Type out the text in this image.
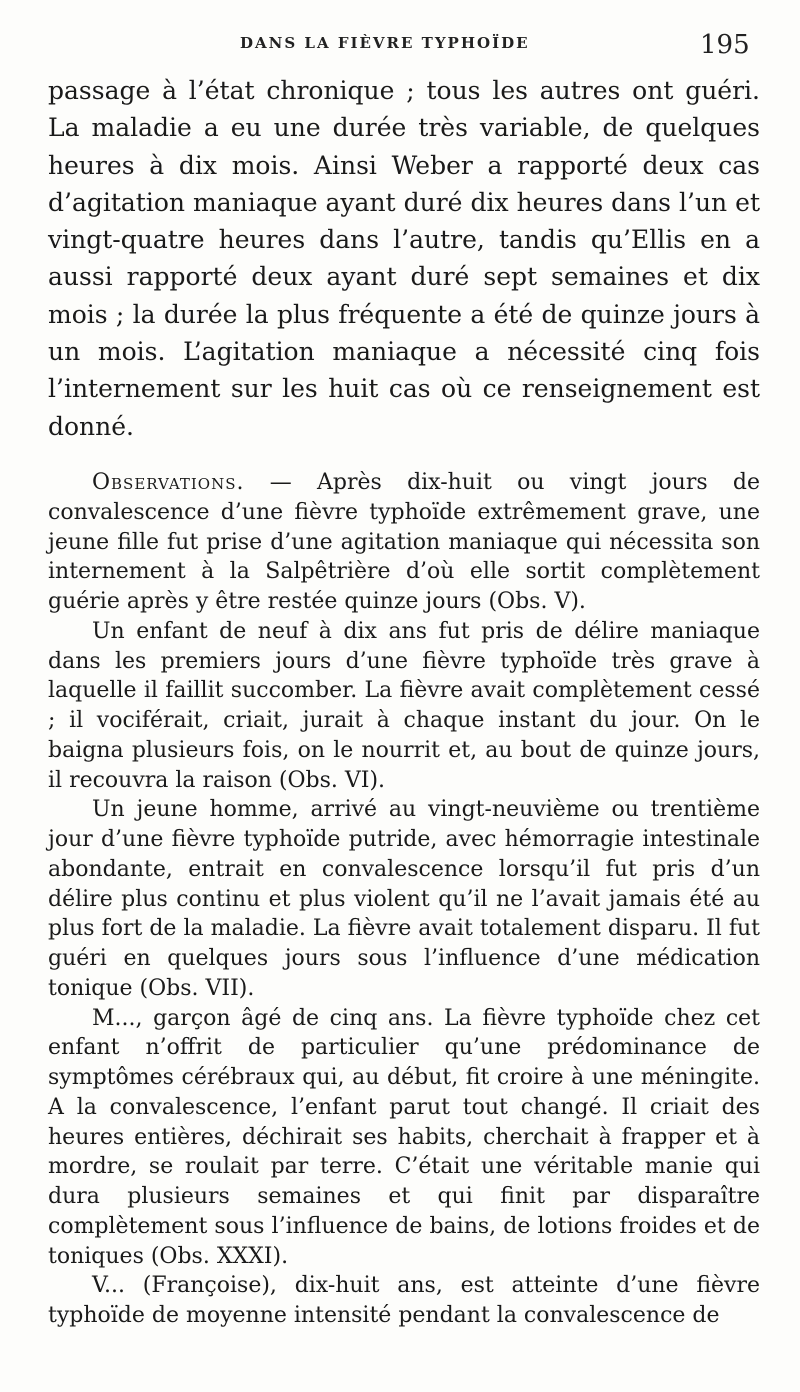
DANS LA FIÈVRE TYPHOÏDE	195

passage à l’état chronique ; tous les autres ont guéri. La maladie a eu une durée très variable, de quelques heures à dix mois. Ainsi Weber a rapporté deux cas d’agitation maniaque ayant duré dix heures dans l’un et vingt-quatre heures dans l’autre, tandis qu’Ellis en a aussi rapporté deux ayant duré sept semaines et dix mois ; la durée la plus fréquente a été de quinze jours à un mois. L’agitation maniaque a nécessité cinq fois l’internement sur les huit cas où ce renseignement est donné.

Observations. — Après dix-huit ou vingt jours de convalescence d’une fièvre typhoïde extrêmement grave, une jeune fille fut prise d’une agitation maniaque qui nécessita son internement à la Salpêtrière d’où elle sortit complètement guérie après y être restée quinze jours (Obs. V).

Un enfant de neuf à dix ans fut pris de délire maniaque dans les premiers jours d’une fièvre typhoïde très grave à laquelle il faillit succomber. La fièvre avait complètement cessé ; il vociférait, criait, jurait à chaque instant du jour. On le baigna plusieurs fois, on le nourrit et, au bout de quinze jours, il recouvra la raison (Obs. VI).

Un jeune homme, arrivé au vingt-neuvième ou trentième jour d’une fièvre typhoïde putride, avec hémorragie intestinale abondante, entrait en convalescence lorsqu’il fut pris d’un délire plus continu et plus violent qu’il ne l’avait jamais été au plus fort de la maladie. La fièvre avait totalement disparu. Il fut guéri en quelques jours sous l’influence d’une médication tonique (Obs. VII).

M..., garçon âgé de cinq ans. La fièvre typhoïde chez cet enfant n’offrit de particulier qu’une prédominance de symptômes cérébraux qui, au début, fit croire à une méningite. A la convalescence, l’enfant parut tout changé. Il criait des heures entières, déchirait ses habits, cherchait à frapper et à mordre, se roulait par terre. C’était une véritable manie qui dura plusieurs semaines et qui finit par disparaître complètement sous l’influence de bains, de lotions froides et de toniques (Obs. XXXI).

V... (Françoise), dix-huit ans, est atteinte d’une fièvre typhoïde de moyenne intensité pendant la convalescence de
